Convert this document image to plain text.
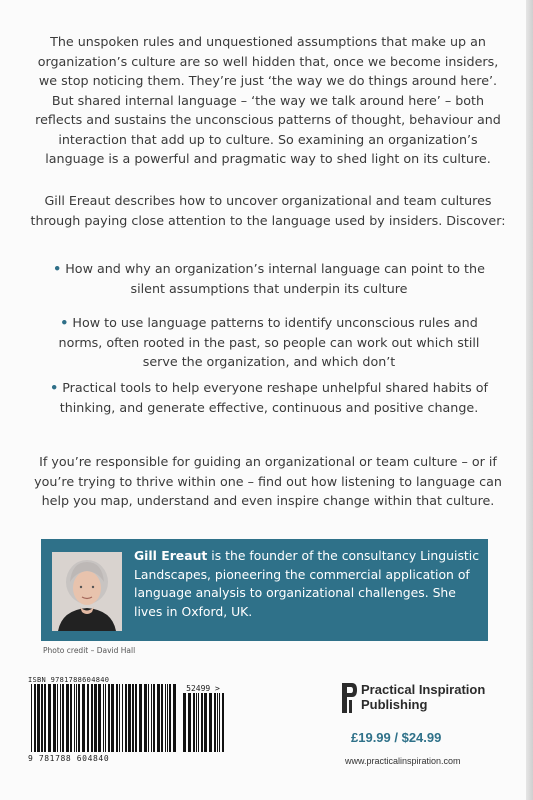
The unspoken rules and unquestioned assumptions that make up an organization’s culture are so well hidden that, once we become insiders, we stop noticing them. They’re just ‘the way we do things around here’. But shared internal language – ‘the way we talk around here’ – both reflects and sustains the unconscious patterns of thought, behaviour and interaction that add up to culture. So examining an organization’s language is a powerful and pragmatic way to shed light on its culture.

Gill Ereaut describes how to uncover organizational and team cultures through paying close attention to the language used by insiders. Discover:

• How and why an organization’s internal language can point to the silent assumptions that underpin its culture

• How to use language patterns to identify unconscious rules and norms, often rooted in the past, so people can work out which still serve the organization, and which don’t

• Practical tools to help everyone reshape unhelpful shared habits of thinking, and generate effective, continuous and positive change.

If you’re responsible for guiding an organizational or team culture – or if you’re trying to thrive within one – find out how listening to language can help you map, understand and even inspire change within that culture.

Gill Ereaut is the founder of the consultancy Linguistic Landscapes, pioneering the commercial application of language analysis to organizational challenges. She lives in Oxford, UK.

Photo credit – David Hall

ISBN 9781788604840
52499 >
9 781788 604840
Practical Inspiration
Publishing
£19.99 / $24.99
www.practicalinspiration.com
